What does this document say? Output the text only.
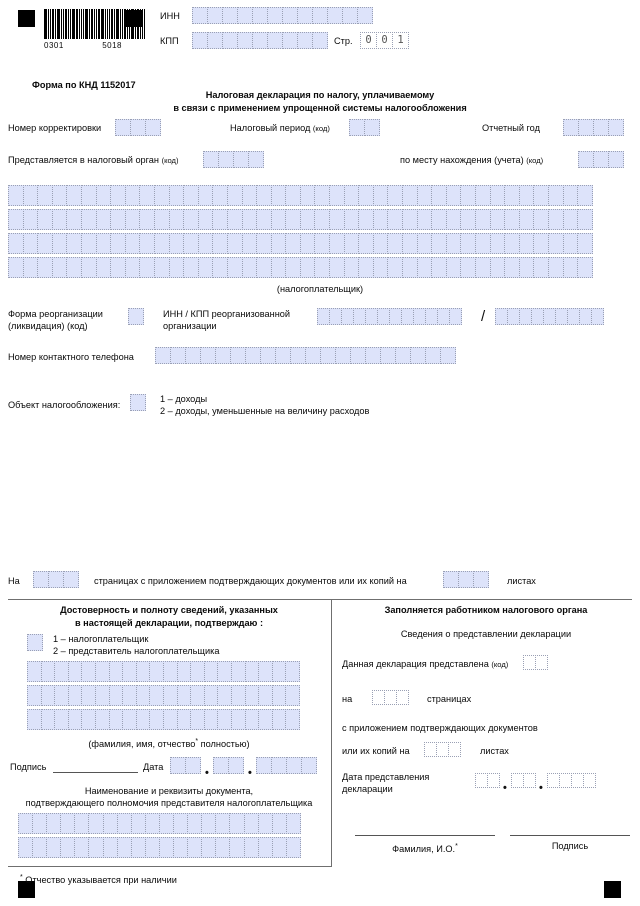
0301	5018
ИНН
КПП	Стр.	0 0 1
Форма по КНД 1152017
Налоговая декларация по налогу, уплачиваемому
в связи с применением упрощенной системы налогообложения
Номер корректировки	Налоговый период (код)	Отчетный год
Представляется в налоговый орган (код)	по месту нахождения (учета) (код)
(налогоплательщик)
Форма реорганизации
(ликвидация) (код)
ИНН / КПП реорганизованной
организации
/
Номер контактного телефона
Объект налогообложения:
1 – доходы
2 – доходы, уменьшенные на величину расходов
На	страницах с приложением подтверждающих документов или их копий на	листах
Достоверность и полноту сведений, указанных
в настоящей декларации, подтверждаю :
1 – налогоплательщик
2 – представитель налогоплательщика
(фамилия, имя, отчество* полностью)
Подпись	Дата	•	•
Наименование и реквизиты документа,
подтверждающего полномочия представителя налогоплательщика
Заполняется работником налогового органа
Сведения о представлении декларации
Данная декларация представлена (код)
на	страницах
с приложением подтверждающих документов
или их копий на	листах
Дата представления
декларации	•	•
Фамилия, И.О.*	Подпись
* Отчество указывается при наличии
